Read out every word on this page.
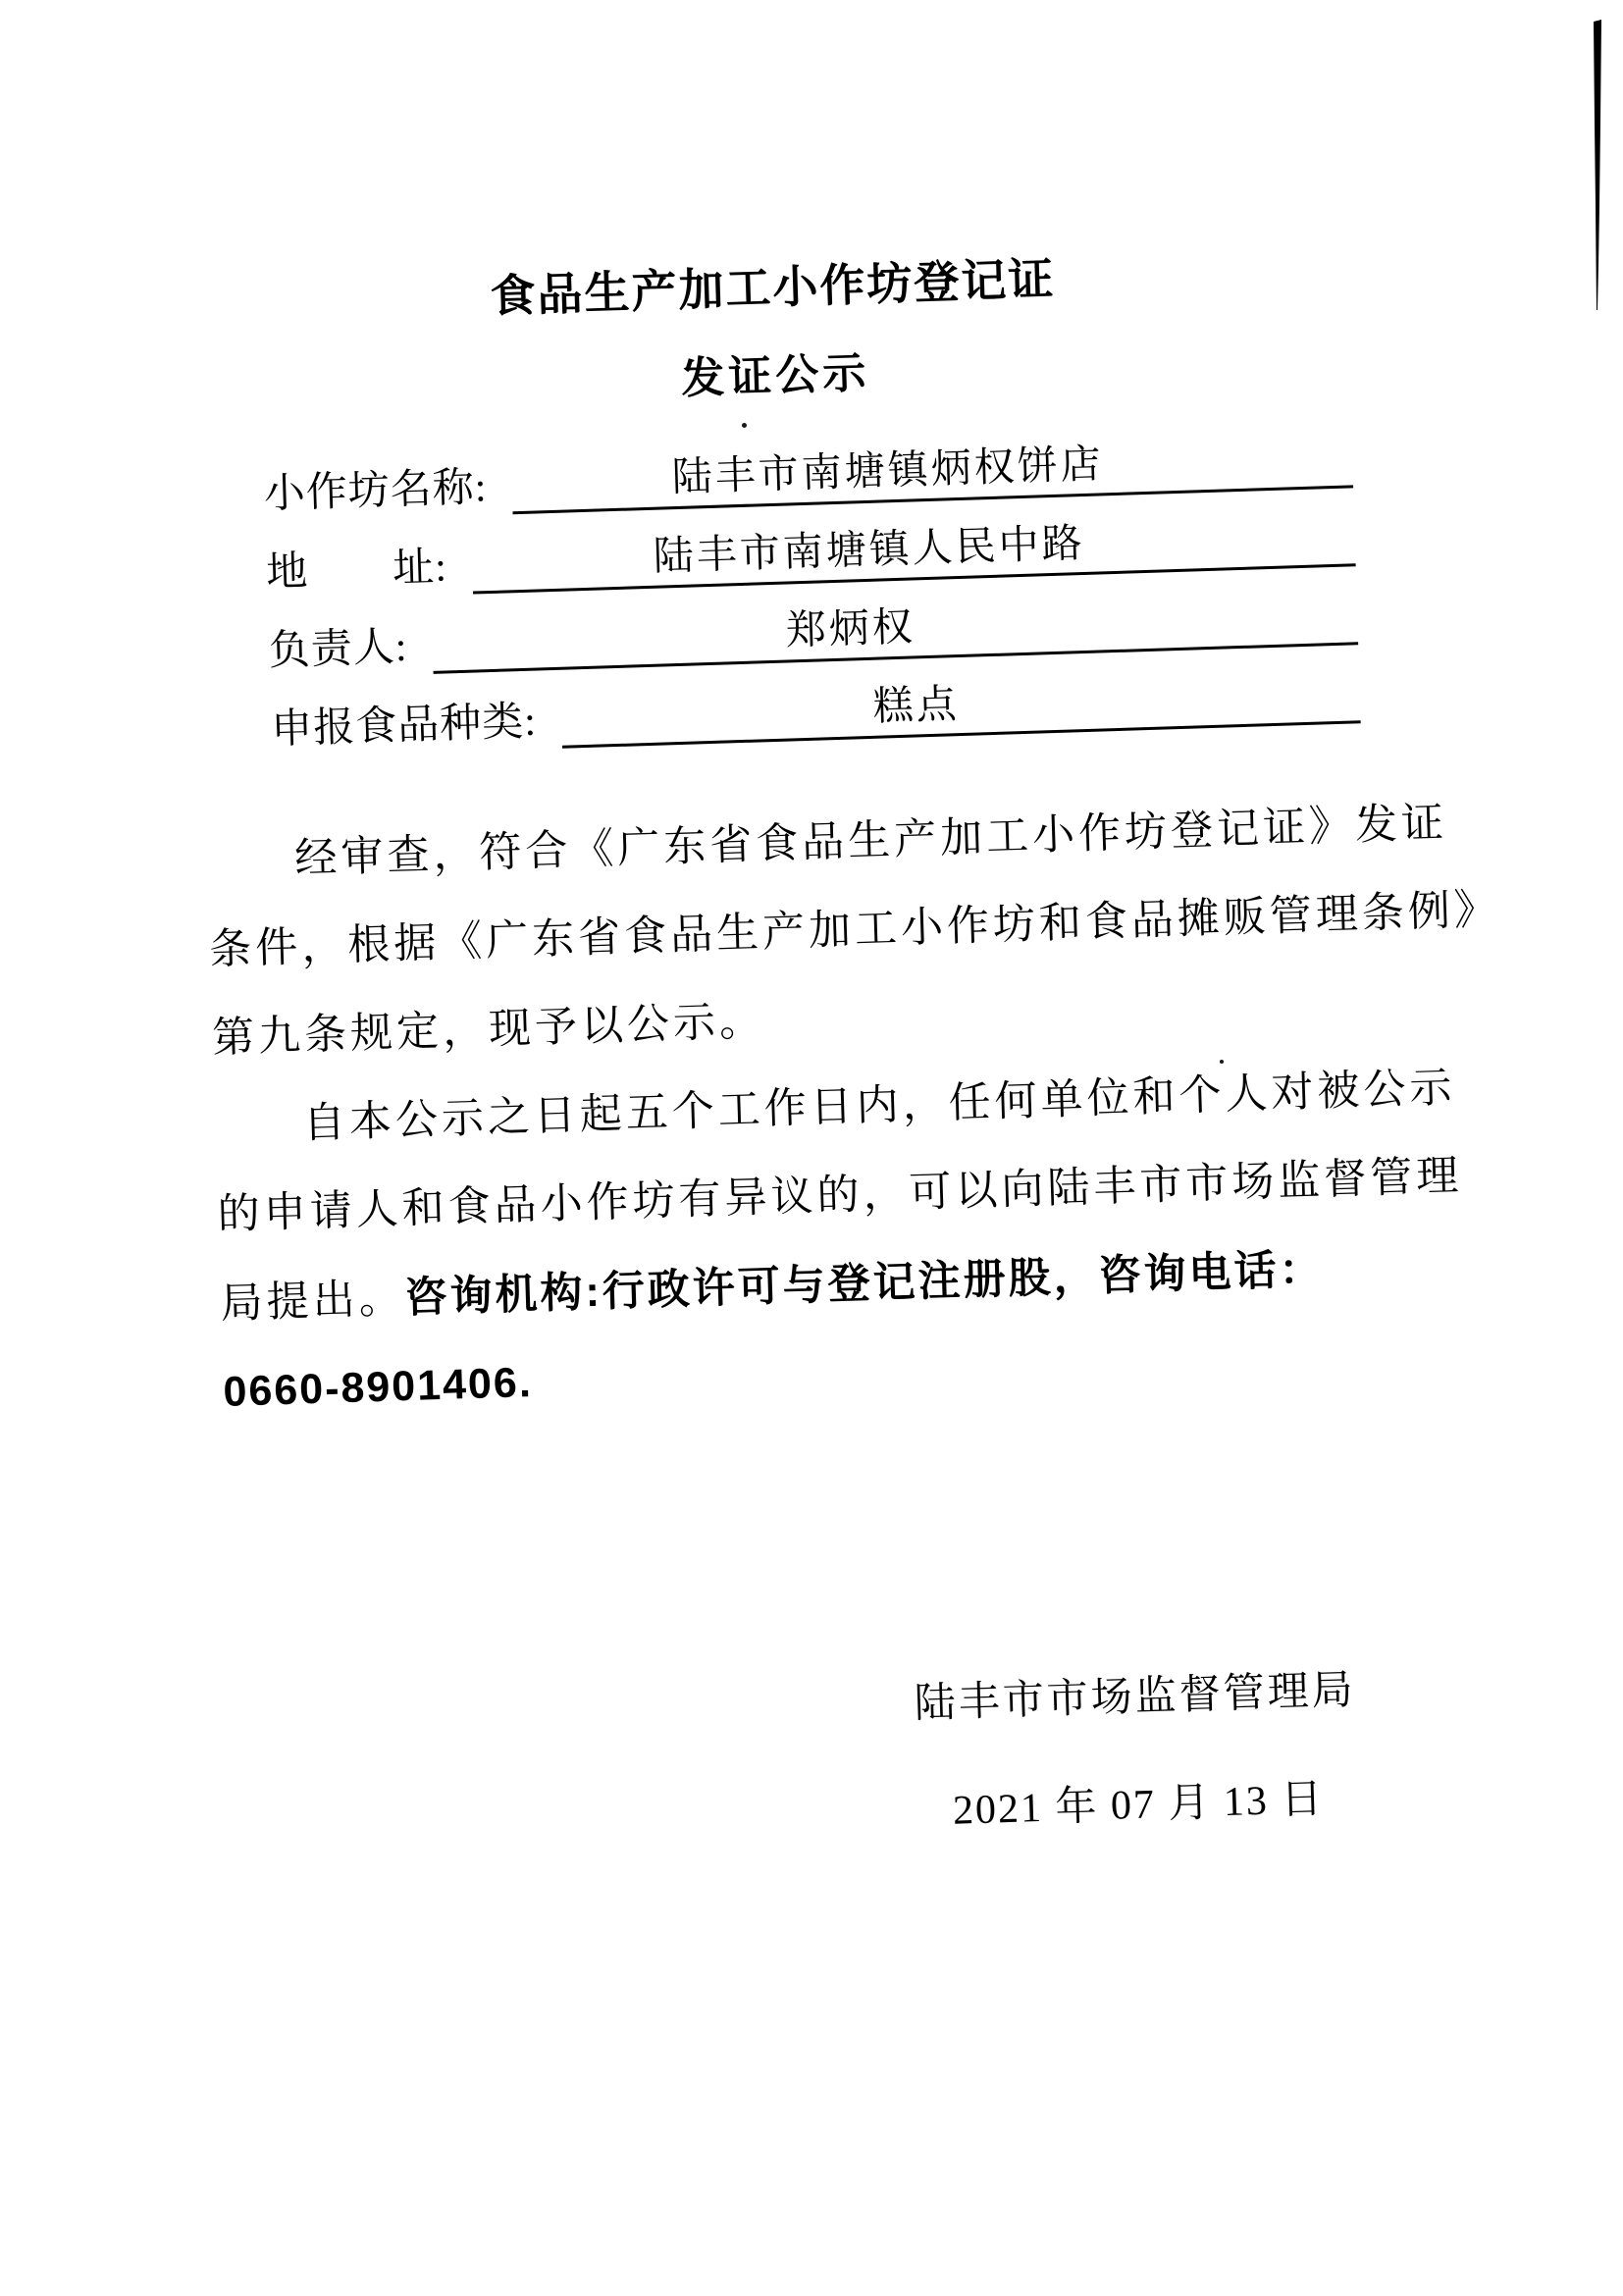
食品生产加工小作坊登记证
发证公示
小作坊名称:	陆丰市南塘镇炳权饼店
地　　址:	陆丰市南塘镇人民中路
负责人:	郑炳权
申报食品种类:	糕点
经审查，符合《广东省食品生产加工小作坊登记证》发证
条件，根据《广东省食品生产加工小作坊和食品摊贩管理条例》
第九条规定，现予以公示。
自本公示之日起五个工作日内，任何单位和个人对被公示
的申请人和食品小作坊有异议的，可以向陆丰市市场监督管理
局提出。咨询机构:行政许可与登记注册股，咨询电话：
0660-8901406.
陆丰市市场监督管理局
2021 年 07 月 13 日
